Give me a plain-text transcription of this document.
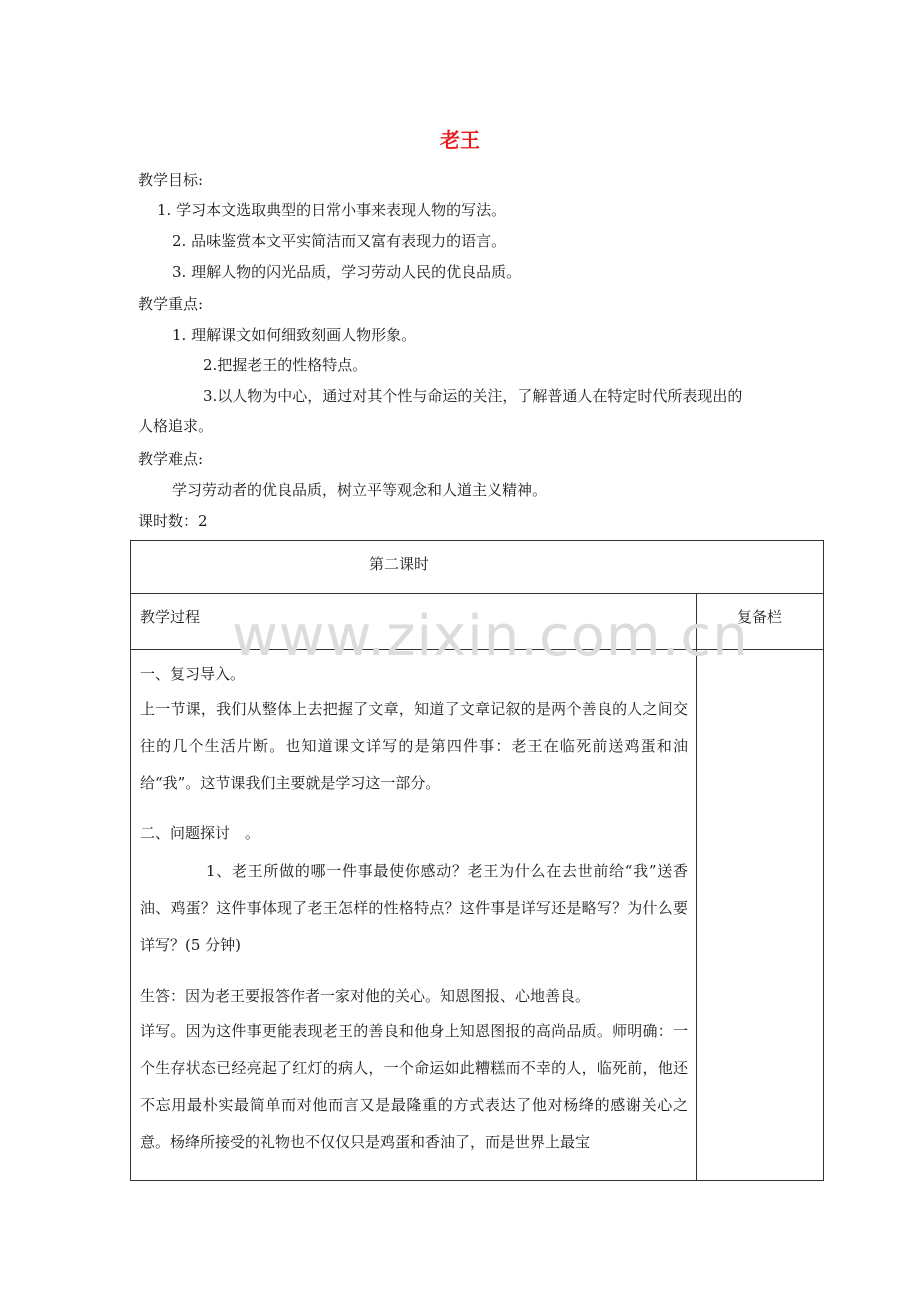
老王
教学目标:
1. 学习本文选取典型的日常小事来表现人物的写法。
2. 品味鉴赏本文平实简洁而又富有表现力的语言。
3. 理解人物的闪光品质，学习劳动人民的优良品质。
教学重点:
1. 理解课文如何细致刻画人物形象。
2.把握老王的性格特点。
3.以人物为中心，通过对其个性与命运的关注，了解普通人在特定时代所表现出的
人格追求。
教学难点:
学习劳动者的优良品质，树立平等观念和人道主义精神。
课时数：2
第二课时
教学过程	复备栏
www.zixin.com.cn
一、复习导入。
上一节课，我们从整体上去把握了文章，知道了文章记叙的是两个善良的人之间交往的几个生活片断。也知道课文详写的是第四件事：老王在临死前送鸡蛋和油给“我”。这节课我们主要就是学习这一部分。
二、问题探讨　。
1、老王所做的哪一件事最使你感动？老王为什么在去世前给“我”送香油、鸡蛋？这件事体现了老王怎样的性格特点？这件事是详写还是略写？为什么要详写？(5 分钟)
生答：因为老王要报答作者一家对他的关心。知恩图报、心地善良。
详写。因为这件事更能表现老王的善良和他身上知恩图报的高尚品质。师明确：一个生存状态已经亮起了红灯的病人，一个命运如此糟糕而不幸的人，临死前，他还不忘用最朴实最简单而对他而言又是最隆重的方式表达了他对杨绛的感谢关心之意。杨绛所接受的礼物也不仅仅只是鸡蛋和香油了，而是世界上最宝
